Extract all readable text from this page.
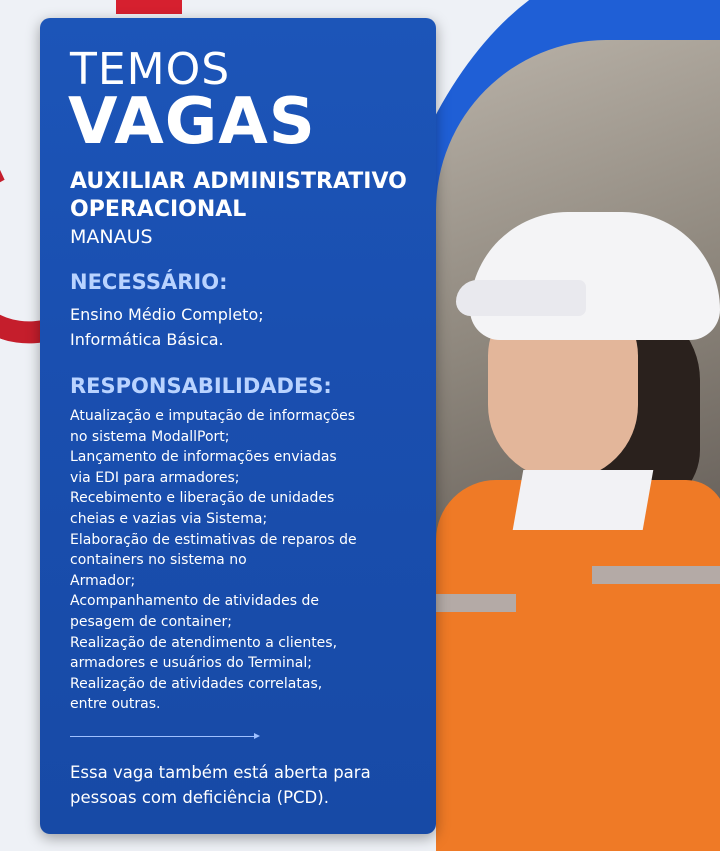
TEMOS
VAGAS
AUXILIAR ADMINISTRATIVO
OPERACIONAL
MANAUS
NECESSÁRIO:
Ensino Médio Completo;
Informática Básica.
RESPONSABILIDADES:
Atualização e imputação de informações
no sistema ModallPort;
Lançamento de informações enviadas
via EDI para armadores;
Recebimento e liberação de unidades
cheias e vazias via Sistema;
Elaboração de estimativas de reparos de
containers no sistema no
Armador;
Acompanhamento de atividades de
pesagem de container;
Realização de atendimento a clientes,
armadores e usuários do Terminal;
Realização de atividades correlatas,
entre outras.
Essa vaga também está aberta para
pessoas com deficiência (PCD).
